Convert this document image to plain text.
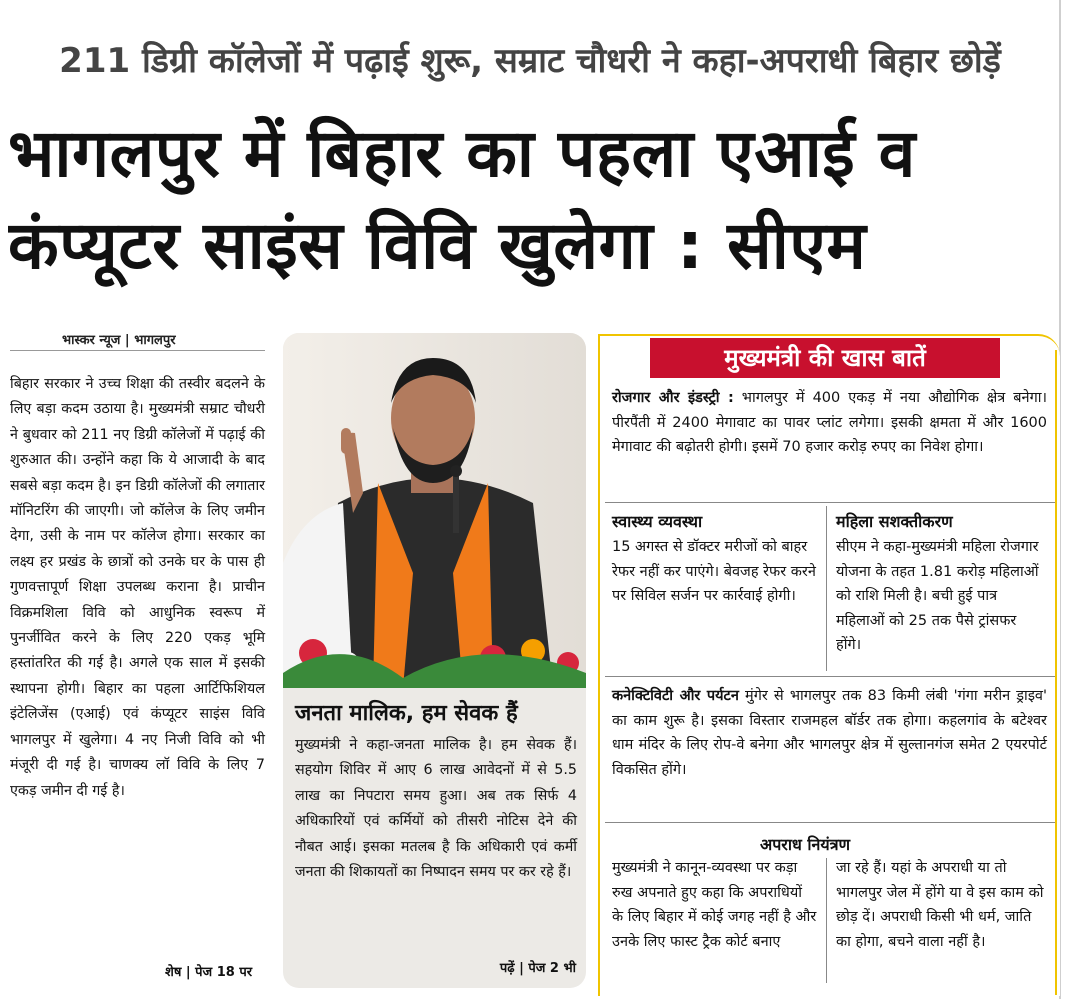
211 डिग्री कॉलेजों में पढ़ाई शुरू, सम्राट चौधरी ने कहा-अपराधी बिहार छोड़ें
भागलपुर में बिहार का पहला एआई व
कंप्यूटर साइंस विवि खुलेगा : सीएम
भास्कर न्यूज | भागलपुर
बिहार सरकार ने उच्च शिक्षा की तस्वीर बदलने के लिए बड़ा कदम उठाया है। मुख्यमंत्री सम्राट चौधरी ने बुधवार को 211 नए डिग्री कॉलेजों में पढ़ाई की शुरुआत की। उन्होंने कहा कि ये आजादी के बाद सबसे बड़ा कदम है। इन डिग्री कॉलेजों की लगातार मॉनिटरिंग की जाएगी। जो कॉलेज के लिए जमीन देगा, उसी के नाम पर कॉलेज होगा। सरकार का लक्ष्य हर प्रखंड के छात्रों को उनके घर के पास ही गुणवत्तापूर्ण शिक्षा उपलब्ध कराना है। प्राचीन विक्रमशिला विवि को आधुनिक स्वरूप में पुनर्जीवित करने के लिए 220 एकड़ भूमि हस्तांतरित की गई है। अगले एक साल में इसकी स्थापना होगी। बिहार का पहला आर्टिफिशियल इंटेलिजेंस (एआई) एवं कंप्यूटर साइंस विवि भागलपुर में खुलेगा। 4 नए निजी विवि को भी मंजूरी दी गई है। चाणक्य लॉ विवि के लिए 7 एकड़ जमीन दी गई है।
शेष | पेज 18 पर
जनता मालिक, हम सेवक हैं
मुख्यमंत्री ने कहा-जनता मालिक है। हम सेवक हैं। सहयोग शिविर में आए 6 लाख आवेदनों में से 5.5 लाख का निपटारा समय हुआ। अब तक सिर्फ 4 अधिकारियों एवं कर्मियों को तीसरी नोटिस देने की नौबत आई। इसका मतलब है कि अधिकारी एवं कर्मी जनता की शिकायतों का निष्पादन समय पर कर रहे हैं।
पढ़ें | पेज 2 भी
मुख्यमंत्री की खास बातें
रोजगार और इंडस्ट्री : भागलपुर में 400 एकड़ में नया औद्योगिक क्षेत्र बनेगा। पीरपैंती में 2400 मेगावाट का पावर प्लांट लगेगा। इसकी क्षमता में और 1600 मेगावाट की बढ़ोतरी होगी। इसमें 70 हजार करोड़ रुपए का निवेश होगा।
स्वास्थ्य व्यवस्था
15 अगस्त से डॉक्टर मरीजों को बाहर रेफर नहीं कर पाएंगे। बेवजह रेफर करने पर सिविल सर्जन पर कार्रवाई होगी।
महिला सशक्तीकरण
सीएम ने कहा-मुख्यमंत्री महिला रोजगार योजना के तहत 1.81 करोड़ महिलाओं को राशि मिली है। बची हुई पात्र महिलाओं को 25 तक पैसे ट्रांसफर होंगे।
कनेक्टिविटी और पर्यटन मुंगेर से भागलपुर तक 83 किमी लंबी 'गंगा मरीन ड्राइव' का काम शुरू है। इसका विस्तार राजमहल बॉर्डर तक होगा। कहलगांव के बटेश्वर धाम मंदिर के लिए रोप-वे बनेगा और भागलपुर क्षेत्र में सुल्तानगंज समेत 2 एयरपोर्ट विकसित होंगे।
अपराध नियंत्रण
मुख्यमंत्री ने कानून-व्यवस्था पर कड़ा रुख अपनाते हुए कहा कि अपराधियों के लिए बिहार में कोई जगह नहीं है और उनके लिए फास्ट ट्रैक कोर्ट बनाए
जा रहे हैं। यहां के अपराधी या तो भागलपुर जेल में होंगे या वे इस काम को छोड़ दें। अपराधी किसी भी धर्म, जाति का होगा, बचने वाला नहीं है।
